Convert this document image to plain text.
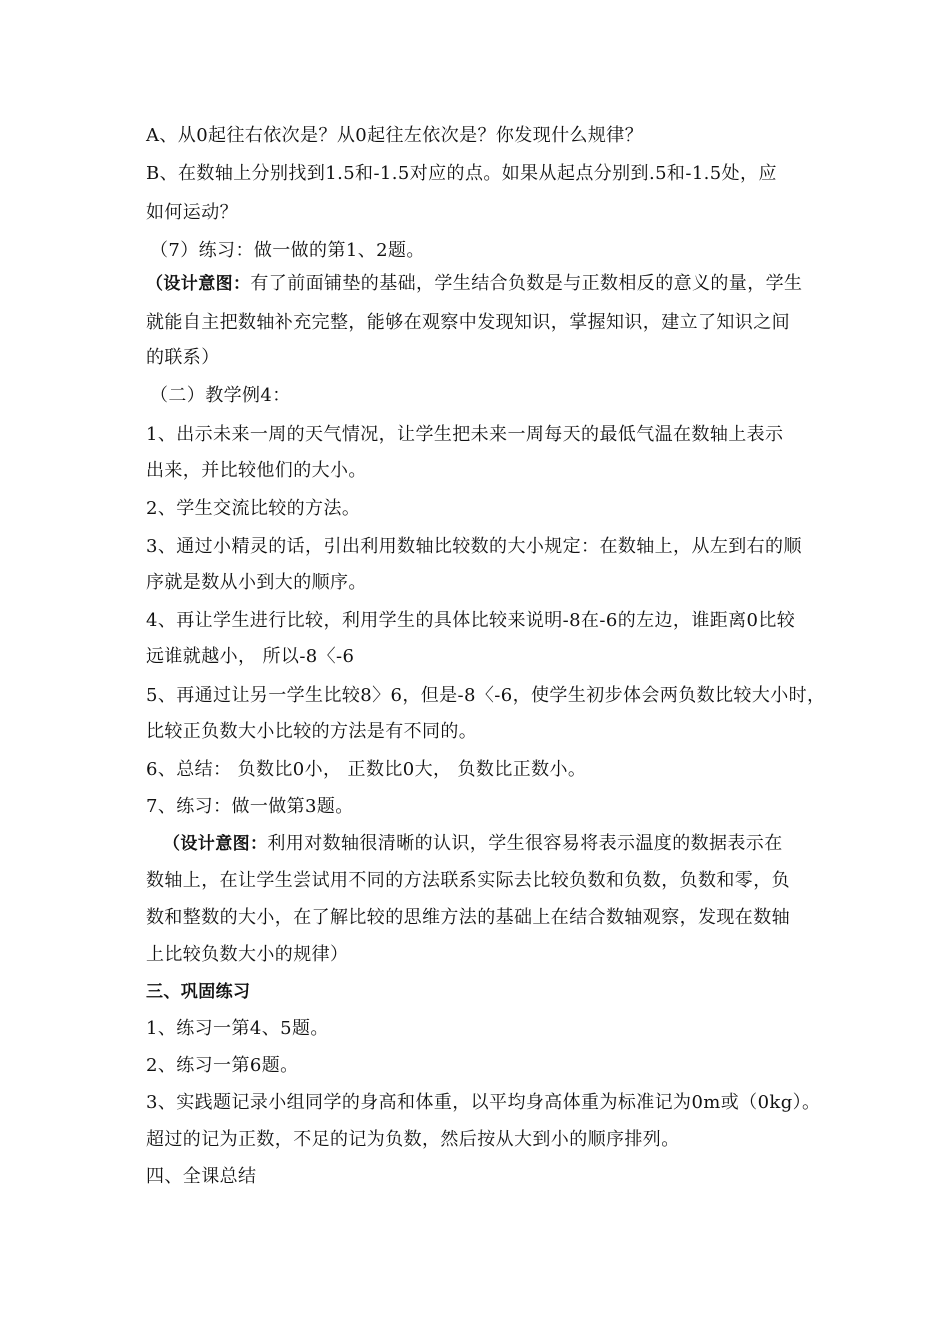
A、从0起往右依次是？从0起往左依次是？你发现什么规律？
B、在数轴上分别找到1.5和-1.5对应的点。如果从起点分别到.5和-1.5处，应
如何运动？
（7）练习：做一做的第1、2题。
（设计意图：有了前面铺垫的基础，学生结合负数是与正数相反的意义的量，学生
就能自主把数轴补充完整，能够在观察中发现知识，掌握知识，建立了知识之间
的联系）
（二）教学例4：
1、出示未来一周的天气情况，让学生把未来一周每天的最低气温在数轴上表示
出来，并比较他们的大小。
2、学生交流比较的方法。
3、通过小精灵的话，引出利用数轴比较数的大小规定：在数轴上，从左到右的顺
序就是数从小到大的顺序。
4、再让学生进行比较，利用学生的具体比较来说明-8在-6的左边，谁距离0比较
远谁就越小， 所以-8〈-6
5、再通过让另一学生比较8〉6，但是-8〈-6，使学生初步体会两负数比较大小时，
比较正负数大小比较的方法是有不同的。
6、总结： 负数比0小， 正数比0大， 负数比正数小。
7、练习：做一做第3题。
（设计意图：利用对数轴很清晰的认识，学生很容易将表示温度的数据表示在
数轴上，在让学生尝试用不同的方法联系实际去比较负数和负数，负数和零，负
数和整数的大小，在了解比较的思维方法的基础上在结合数轴观察，发现在数轴
上比较负数大小的规律）
三、巩固练习
1、练习一第4、5题。
2、练习一第6题。
3、实践题记录小组同学的身高和体重，以平均身高体重为标准记为0m或（0kg）。
超过的记为正数，不足的记为负数，然后按从大到小的顺序排列。
四、全课总结
